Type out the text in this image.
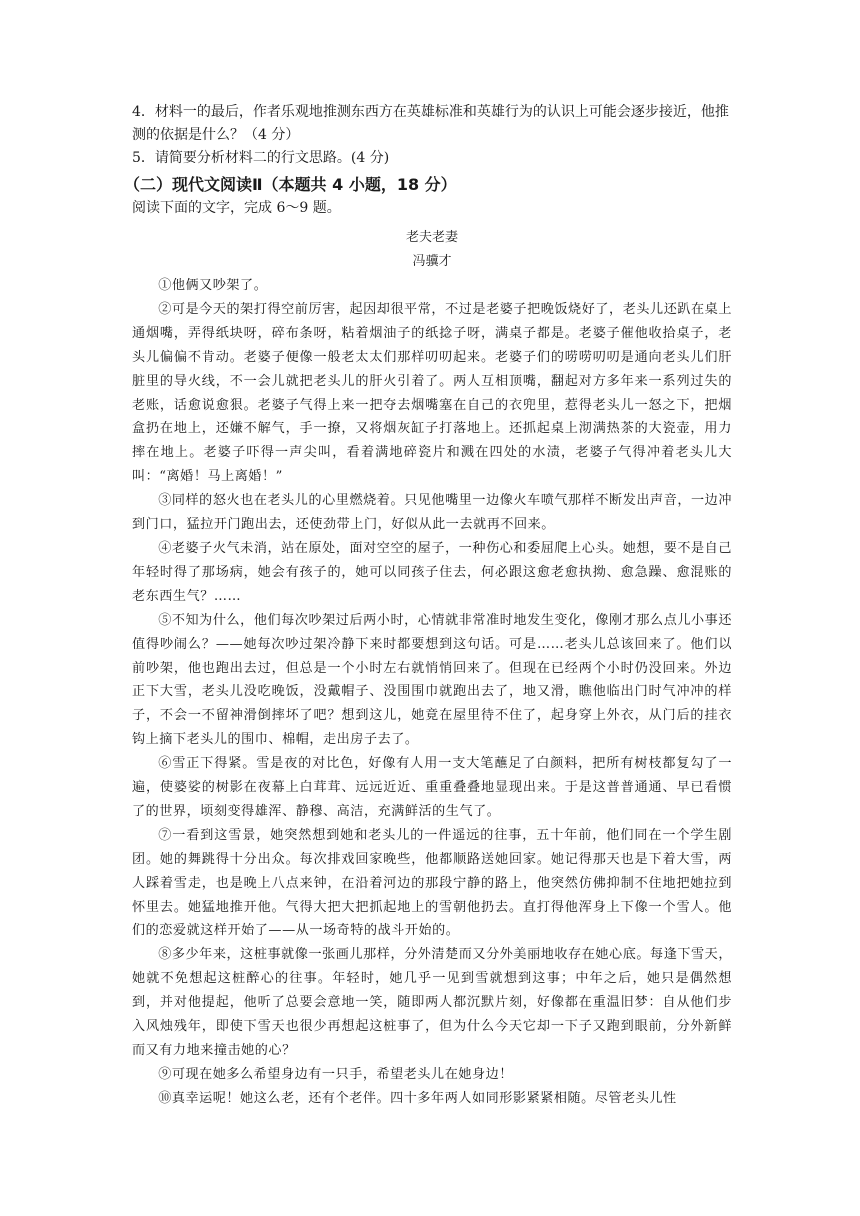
4．材料一的最后，作者乐观地推测东西方在英雄标准和英雄行为的认识上可能会逐步接近，他推测的依据是什么？（4 分）

5．请简要分析材料二的行文思路。(4 分)

（二）现代文阅读Ⅱ（本题共 4 小题，18 分）

阅读下面的文字，完成 6～9 题。

老夫老妻

冯骥才

①他俩又吵架了。

②可是今天的架打得空前厉害，起因却很平常，不过是老婆子把晚饭烧好了，老头儿还趴在桌上通烟嘴，弄得纸块呀，碎布条呀，粘着烟油子的纸捻子呀，满桌子都是。老婆子催他收拾桌子，老头儿偏偏不肯动。老婆子便像一般老太太们那样叨叨起来。老婆子们的唠唠叨叨是通向老头儿们肝脏里的导火线，不一会儿就把老头儿的肝火引着了。两人互相顶嘴，翻起对方多年来一系列过失的老账，话愈说愈狠。老婆子气得上来一把夺去烟嘴塞在自己的衣兜里，惹得老头儿一怒之下，把烟盒扔在地上，还嫌不解气，手一撩，又将烟灰缸子打落地上。还抓起桌上沏满热茶的大瓷壶，用力摔在地上。老婆子吓得一声尖叫，看着满地碎瓷片和溅在四处的水渍，老婆子气得冲着老头儿大叫：“离婚！马上离婚！”

③同样的怒火也在老头儿的心里燃烧着。只见他嘴里一边像火车喷气那样不断发出声音，一边冲到门口，猛拉开门跑出去，还使劲带上门，好似从此一去就再不回来。

④老婆子火气未消，站在原处，面对空空的屋子，一种伤心和委屈爬上心头。她想，要不是自己年轻时得了那场病，她会有孩子的，她可以同孩子住去，何必跟这愈老愈执拗、愈急躁、愈混账的老东西生气？……

⑤不知为什么，他们每次吵架过后两小时，心情就非常准时地发生变化，像刚才那么点儿小事还值得吵闹么？——她每次吵过架冷静下来时都要想到这句话。可是……老头儿总该回来了。他们以前吵架，他也跑出去过，但总是一个小时左右就悄悄回来了。但现在已经两个小时仍没回来。外边正下大雪，老头儿没吃晚饭，没戴帽子、没围围巾就跑出去了，地又滑，瞧他临出门时气冲冲的样子，不会一不留神滑倒摔坏了吧？想到这儿，她竟在屋里待不住了，起身穿上外衣，从门后的挂衣钩上摘下老头儿的围巾、棉帽，走出房子去了。

⑥雪正下得紧。雪是夜的对比色，好像有人用一支大笔蘸足了白颜料，把所有树枝都复勾了一遍，使婆娑的树影在夜幕上白茸茸、远远近近、重重叠叠地显现出来。于是这普普通通、早已看惯了的世界，顷刻变得雄浑、静穆、高洁，充满鲜活的生气了。

⑦一看到这雪景，她突然想到她和老头儿的一件遥远的往事，五十年前，他们同在一个学生剧团。她的舞跳得十分出众。每次排戏回家晚些，他都顺路送她回家。她记得那天也是下着大雪，两人踩着雪走，也是晚上八点来钟，在沿着河边的那段宁静的路上，他突然仿佛抑制不住地把她拉到怀里去。她猛地推开他。气得大把大把抓起地上的雪朝他扔去。直打得他浑身上下像一个雪人。他们的恋爱就这样开始了——从一场奇特的战斗开始的。

⑧多少年来，这桩事就像一张画儿那样，分外清楚而又分外美丽地收存在她心底。每逢下雪天，她就不免想起这桩醉心的往事。年轻时，她几乎一见到雪就想到这事；中年之后，她只是偶然想到，并对他提起，他听了总要会意地一笑，随即两人都沉默片刻，好像都在重温旧梦：自从他们步入风烛残年，即使下雪天也很少再想起这桩事了，但为什么今天它却一下子又跑到眼前，分外新鲜而又有力地来撞击她的心？

⑨可现在她多么希望身边有一只手，希望老头儿在她身边！

⑩真幸运呢！她这么老，还有个老伴。四十多年两人如同形影紧紧相随。尽管老头儿性
